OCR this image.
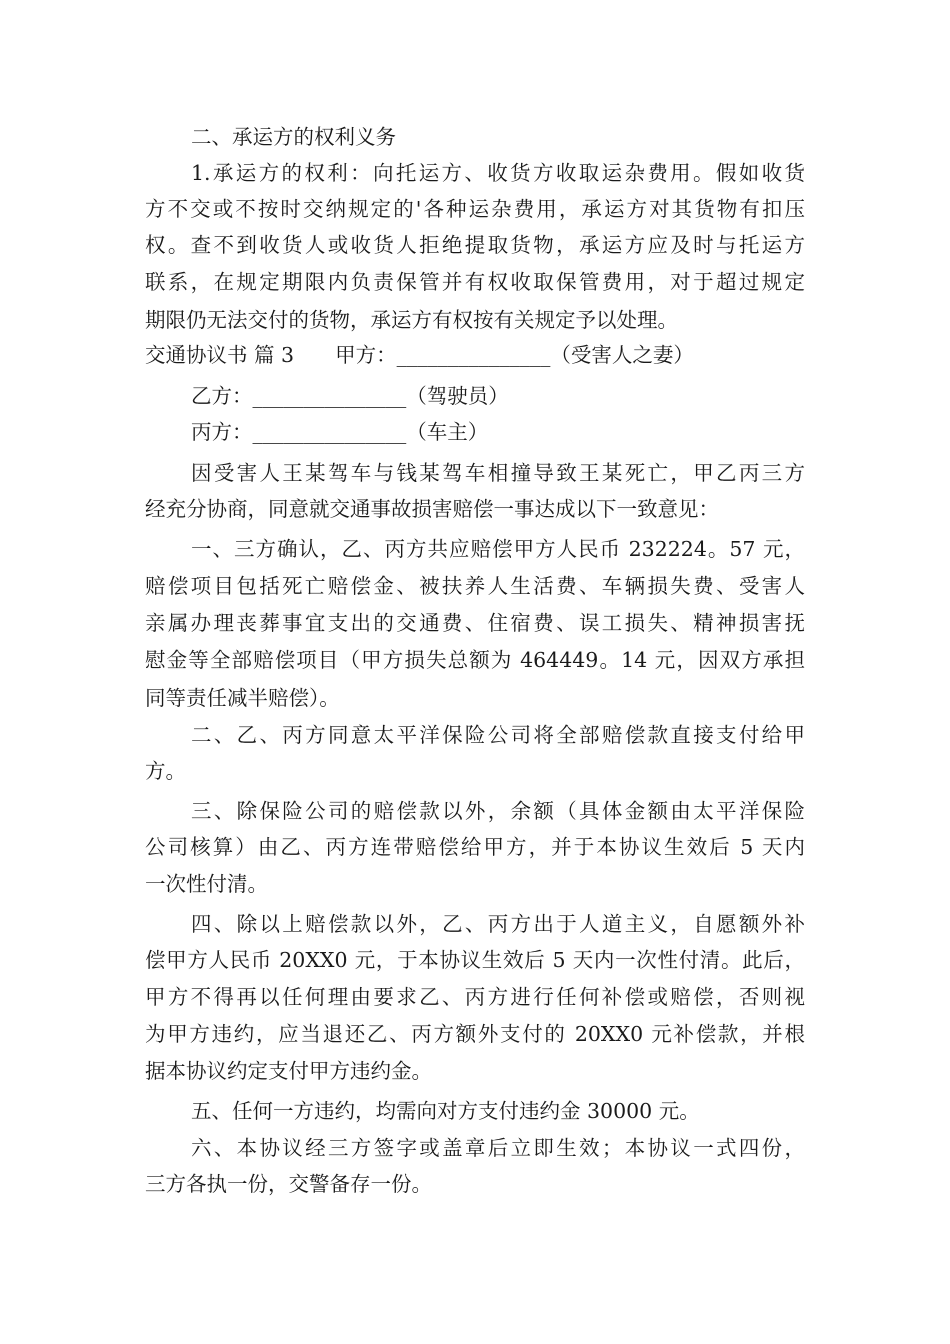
二、承运方的权利义务
1.承运方的权利：向托运方、收货方收取运杂费用。假如收货
方不交或不按时交纳规定的'各种运杂费用，承运方对其货物有扣压
权。查不到收货人或收货人拒绝提取货物，承运方应及时与托运方
联系，在规定期限内负责保管并有权收取保管费用，对于超过规定
期限仍无法交付的货物，承运方有权按有关规定予以处理。
交通协议书 篇 3　　甲方：_______________（受害人之妻）
乙方：_______________（驾驶员）
丙方：_______________（车主）
因受害人王某驾车与钱某驾车相撞导致王某死亡，甲乙丙三方
经充分协商，同意就交通事故损害赔偿一事达成以下一致意见：
一、三方确认，乙、丙方共应赔偿甲方人民币 232224。57 元，
赔偿项目包括死亡赔偿金、被扶养人生活费、车辆损失费、受害人
亲属办理丧葬事宜支出的交通费、住宿费、误工损失、精神损害抚
慰金等全部赔偿项目（甲方损失总额为 464449。14 元，因双方承担
同等责任减半赔偿）。
二、乙、丙方同意太平洋保险公司将全部赔偿款直接支付给甲
方。
三、除保险公司的赔偿款以外，余额（具体金额由太平洋保险
公司核算）由乙、丙方连带赔偿给甲方，并于本协议生效后 5 天内
一次性付清。
四、除以上赔偿款以外，乙、丙方出于人道主义，自愿额外补
偿甲方人民币 20XX0 元，于本协议生效后 5 天内一次性付清。此后，
甲方不得再以任何理由要求乙、丙方进行任何补偿或赔偿，否则视
为甲方违约，应当退还乙、丙方额外支付的 20XX0 元补偿款，并根
据本协议约定支付甲方违约金。
五、任何一方违约，均需向对方支付违约金 30000 元。
六、本协议经三方签字或盖章后立即生效；本协议一式四份，
三方各执一份，交警备存一份。
